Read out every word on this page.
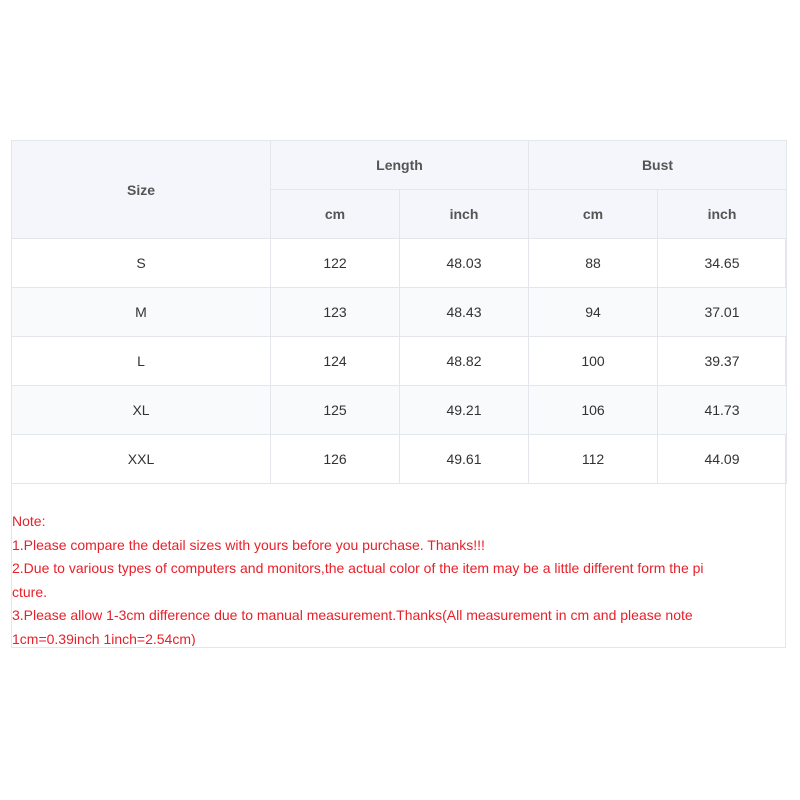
Size	Length		Bust	
	cm	inch	cm	inch
S	122	48.03	88	34.65
M	123	48.43	94	37.01
L	124	48.82	100	39.37
XL	125	49.21	106	41.73
XXL	126	49.61	112	44.09
Note:
1.Please compare the detail sizes with yours before you purchase. Thanks!!!
2.Due to various types of computers and monitors,the actual color of the item may be a little different form the pi
cture.
3.Please allow 1-3cm difference due to manual measurement.Thanks(All measurement in cm and please note
1cm=0.39inch 1inch=2.54cm)
